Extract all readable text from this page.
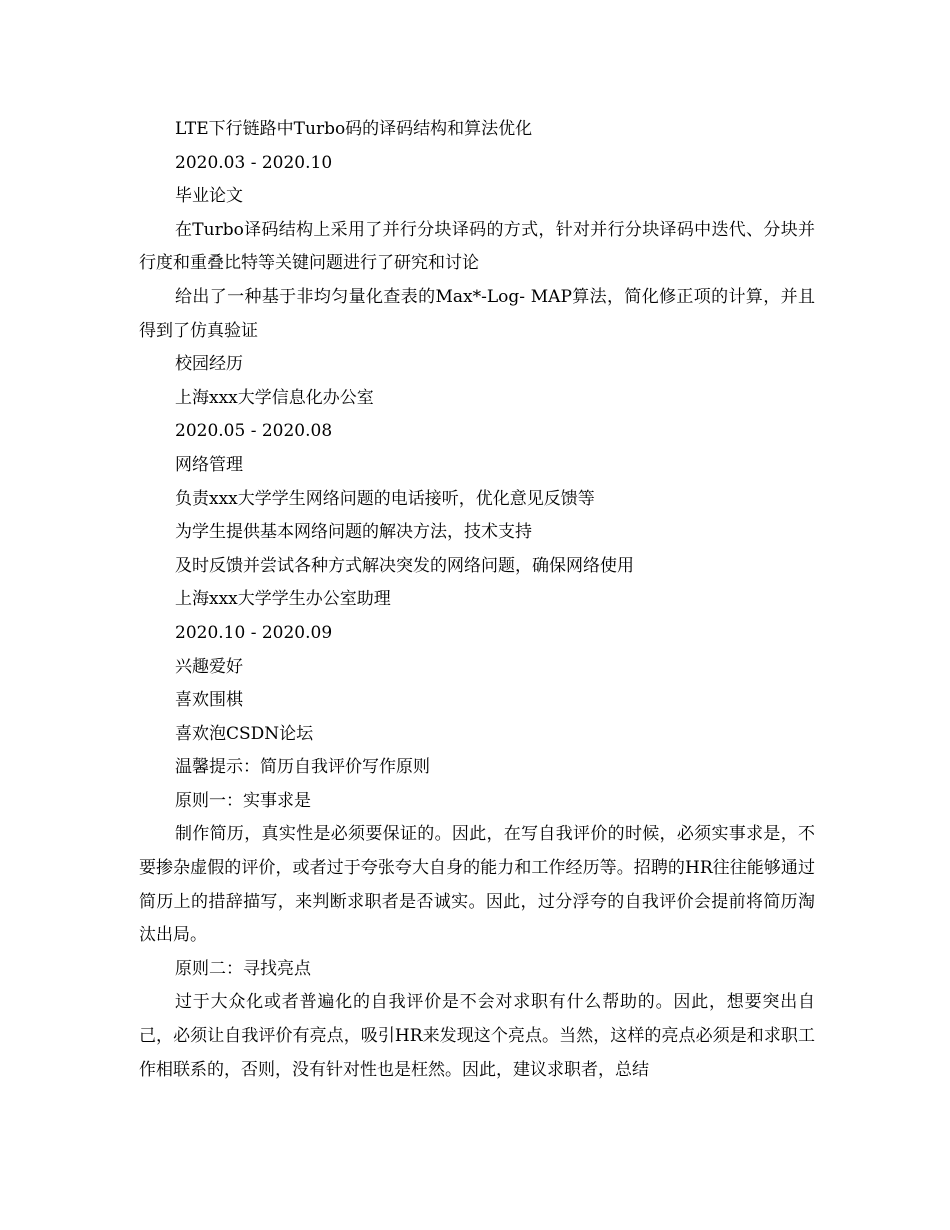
LTE下行链路中Turbo码的译码结构和算法优化
2020.03 - 2020.10
毕业论文

在Turbo译码结构上采用了并行分块译码的方式，针对并行分块译码中迭代、分块并行度和重叠比特等关键问题进行了研究和讨论

给出了一种基于非均匀量化查表的Max*-Log- MAP算法，简化修正项的计算，并且得到了仿真验证

校园经历
上海xxx大学信息化办公室
2020.05 - 2020.08
网络管理
负责xxx大学学生网络问题的电话接听，优化意见反馈等
为学生提供基本网络问题的解决方法，技术支持
及时反馈并尝试各种方式解决突发的网络问题，确保网络使用
上海xxx大学学生办公室助理
2020.10 - 2020.09
兴趣爱好
喜欢围棋
喜欢泡CSDN论坛
温馨提示：简历自我评价写作原则
原则一：实事求是

制作简历，真实性是必须要保证的。因此，在写自我评价的时候，必须实事求是，不要掺杂虚假的评价，或者过于夸张夸大自身的能力和工作经历等。招聘的HR往往能够通过简历上的措辞描写，来判断求职者是否诚实。因此，过分浮夸的自我评价会提前将简历淘汰出局。

原则二：寻找亮点

过于大众化或者普遍化的自我评价是不会对求职有什么帮助的。因此，想要突出自己，必须让自我评价有亮点，吸引HR来发现这个亮点。当然，这样的亮点必须是和求职工作相联系的，否则，没有针对性也是枉然。因此，建议求职者，总结
